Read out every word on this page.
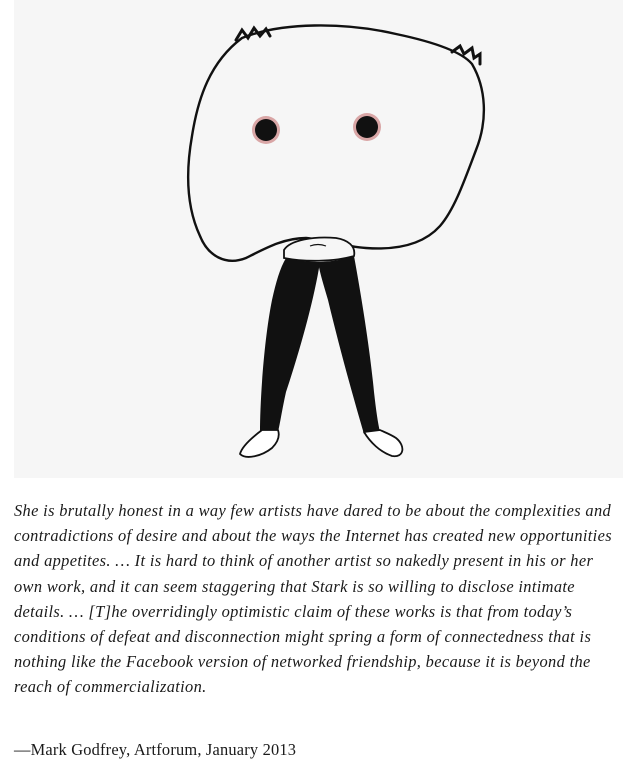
She is brutally honest in a way few artists have dared to be about the complexities and contradictions of desire and about the ways the Internet has created new opportunities and appetites. … It is hard to think of another artist so nakedly present in his or her own work, and it can seem staggering that Stark is so willing to disclose intimate details. … [T]he overridingly optimistic claim of these works is that from today’s conditions of defeat and disconnection might spring a form of connectedness that is nothing like the Facebook version of networked friendship, because it is beyond the reach of commercialization.

—Mark Godfrey, Artforum, January 2013
